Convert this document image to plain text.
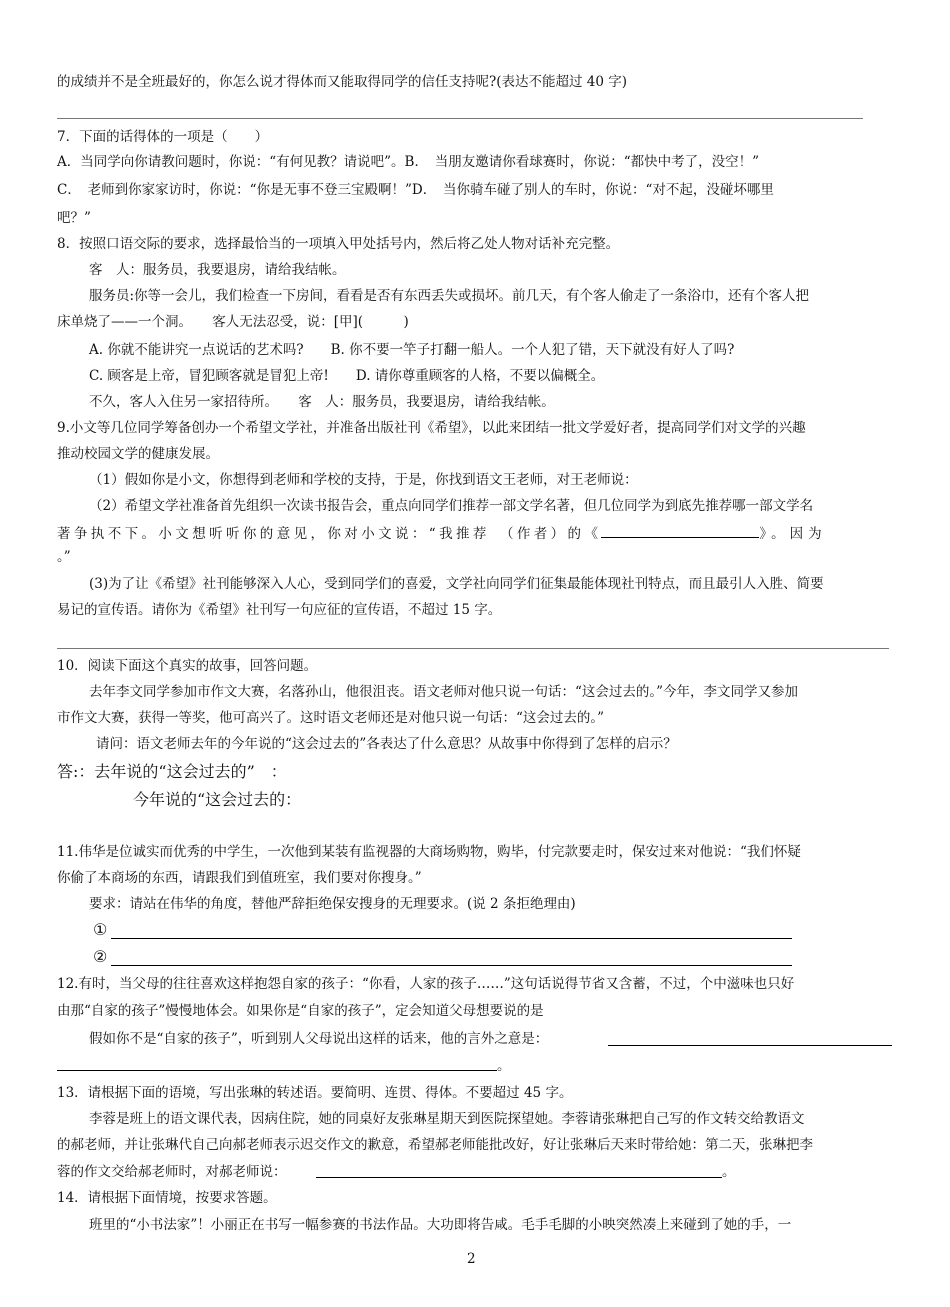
的成绩并不是全班最好的，你怎么说才得体而又能取得同学的信任支持呢?(表达不能超过 40 字)
7．下面的话得体的一项是（　　）
A．当同学向你请教问题时，你说：“有何见教？请说吧”。B．　当朋友邀请你看球赛时，你说：“都快中考了，没空！”
C．　老师到你家家访时，你说：“你是无事不登三宝殿啊！”D．　当你骑车碰了别人的车时，你说：“对不起，没碰坏哪里
吧？”
8．按照口语交际的要求，选择最恰当的一项填入甲处括号内，然后将乙处人物对话补充完整。
客　人：服务员，我要退房，请给我结帐。
服务员:你等一会儿，我们检查一下房间，看看是否有东西丢失或损坏。前几天，有个客人偷走了一条浴巾，还有个客人把
床单烧了——一个洞。　　客人无法忍受，说：[甲](　　　)
A. 你就不能讲究一点说话的艺术吗?　　B. 你不要一竿子打翻一船人。一个人犯了错，天下就没有好人了吗?
C. 顾客是上帝，冒犯顾客就是冒犯上帝!　　D. 请你尊重顾客的人格，不要以偏概全。
不久，客人入住另一家招待所。　　客　人：服务员，我要退房，请给我结帐。
9.小文等几位同学筹备创办一个希望文学社，并准备出版社刊《希望》，以此来团结一批文学爱好者，提高同学们对文学的兴趣
推动校园文学的健康发展。
（1）假如你是小文，你想得到老师和学校的支持，于是，你找到语文王老师，对王老师说：
（2）希望文学社准备首先组织一次读书报告会，重点向同学们推荐一部文学名著，但几位同学为到底先推荐哪一部文学名
著争执不下。小文想听听你的意见，你对小文说：“我推荐　（作者）的《	》。因为
。”
(3)为了让《希望》社刊能够深入人心，受到同学们的喜爱，文学社向同学们征集最能体现社刊特点，而且最引人入胜、简要
易记的宣传语。请你为《希望》社刊写一句应征的宣传语，不超过 15 字。
10．阅读下面这个真实的故事，回答问题。
去年李文同学参加市作文大赛，名落孙山，他很沮丧。语文老师对他只说一句话：“这会过去的。”今年，李文同学又参加
市作文大赛，获得一等奖，他可高兴了。这时语文老师还是对他只说一句话：“这会过去的。”
请问：语文老师去年的今年说的“这会过去的”各表达了什么意思？从故事中你得到了怎样的启示？
答:：去年说的“这会过去的”　：
今年说的“这会过去的：
11.伟华是位诚实而优秀的中学生，一次他到某装有监视器的大商场购物，购毕，付完款要走时，保安过来对他说：“我们怀疑
你偷了本商场的东西，请跟我们到值班室，我们要对你搜身。”
要求：请站在伟华的角度，替他严辞拒绝保安搜身的无理要求。(说 2 条拒绝理由)
①
②
12.有时，当父母的往往喜欢这样抱怨自家的孩子：“你看，人家的孩子……”这句话说得节省又含蓄，不过，个中滋味也只好
由那“自家的孩子”慢慢地体会。如果你是“自家的孩子”，定会知道父母想要说的是
假如你不是“自家的孩子”，听到别人父母说出这样的话来，他的言外之意是：
。
13．请根据下面的语境，写出张琳的转述语。要简明、连贯、得体。不要超过 45 字。
李蓉是班上的语文课代表，因病住院，她的同桌好友张琳星期天到医院探望她。李蓉请张琳把自己写的作文转交给教语文
的郝老师，并让张琳代自己向郝老师表示迟交作文的歉意，希望郝老师能批改好，好让张琳后天来时带给她：第二天，张琳把李
蓉的作文交给郝老师时，对郝老师说：	。
14．请根据下面情境，按要求答题。
班里的“小书法家”！小丽正在书写一幅参赛的书法作品。大功即将告咸。毛手毛脚的小映突然凑上来碰到了她的手，一
2
